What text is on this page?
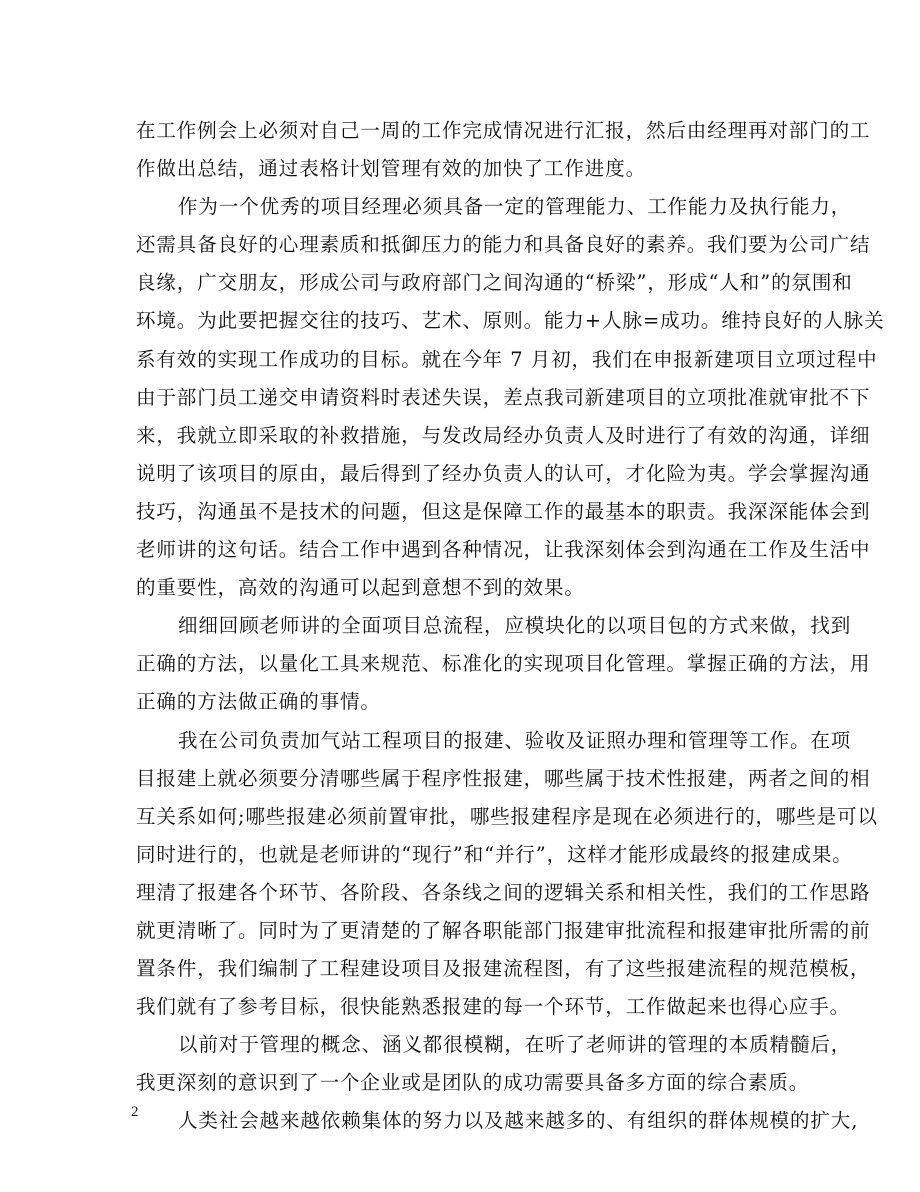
在工作例会上必须对自己一周的工作完成情况进行汇报，然后由经理再对部门的工
作做出总结，通过表格计划管理有效的加快了工作进度。
作为一个优秀的项目经理必须具备一定的管理能力、工作能力及执行能力，
还需具备良好的心理素质和抵御压力的能力和具备良好的素养。我们要为公司广结
良缘，广交朋友，形成公司与政府部门之间沟通的“桥梁”，形成“人和”的氛围和
环境。为此要把握交往的技巧、艺术、原则。能力+人脉=成功。维持良好的人脉关
系有效的实现工作成功的目标。就在今年 7 月初，我们在申报新建项目立项过程中
由于部门员工递交申请资料时表述失误，差点我司新建项目的立项批准就审批不下
来，我就立即采取的补救措施，与发改局经办负责人及时进行了有效的沟通，详细
说明了该项目的原由，最后得到了经办负责人的认可，才化险为夷。学会掌握沟通
技巧，沟通虽不是技术的问题，但这是保障工作的最基本的职责。我深深能体会到
老师讲的这句话。结合工作中遇到各种情况，让我深刻体会到沟通在工作及生活中
的重要性，高效的沟通可以起到意想不到的效果。
细细回顾老师讲的全面项目总流程，应模块化的以项目包的方式来做，找到
正确的方法，以量化工具来规范、标准化的实现项目化管理。掌握正确的方法，用
正确的方法做正确的事情。
我在公司负责加气站工程项目的报建、验收及证照办理和管理等工作。在项
目报建上就必须要分清哪些属于程序性报建，哪些属于技术性报建，两者之间的相
互关系如何;哪些报建必须前置审批，哪些报建程序是现在必须进行的，哪些是可以
同时进行的，也就是老师讲的“现行”和“并行”，这样才能形成最终的报建成果。
理清了报建各个环节、各阶段、各条线之间的逻辑关系和相关性，我们的工作思路
就更清晰了。同时为了更清楚的了解各职能部门报建审批流程和报建审批所需的前
置条件，我们编制了工程建设项目及报建流程图，有了这些报建流程的规范模板，
我们就有了参考目标，很快能熟悉报建的每一个环节，工作做起来也得心应手。
以前对于管理的概念、涵义都很模糊，在听了老师讲的管理的本质精髓后，
我更深刻的意识到了一个企业或是团队的成功需要具备多方面的综合素质。
人类社会越来越依赖集体的努力以及越来越多的、有组织的群体规模的扩大,
2
